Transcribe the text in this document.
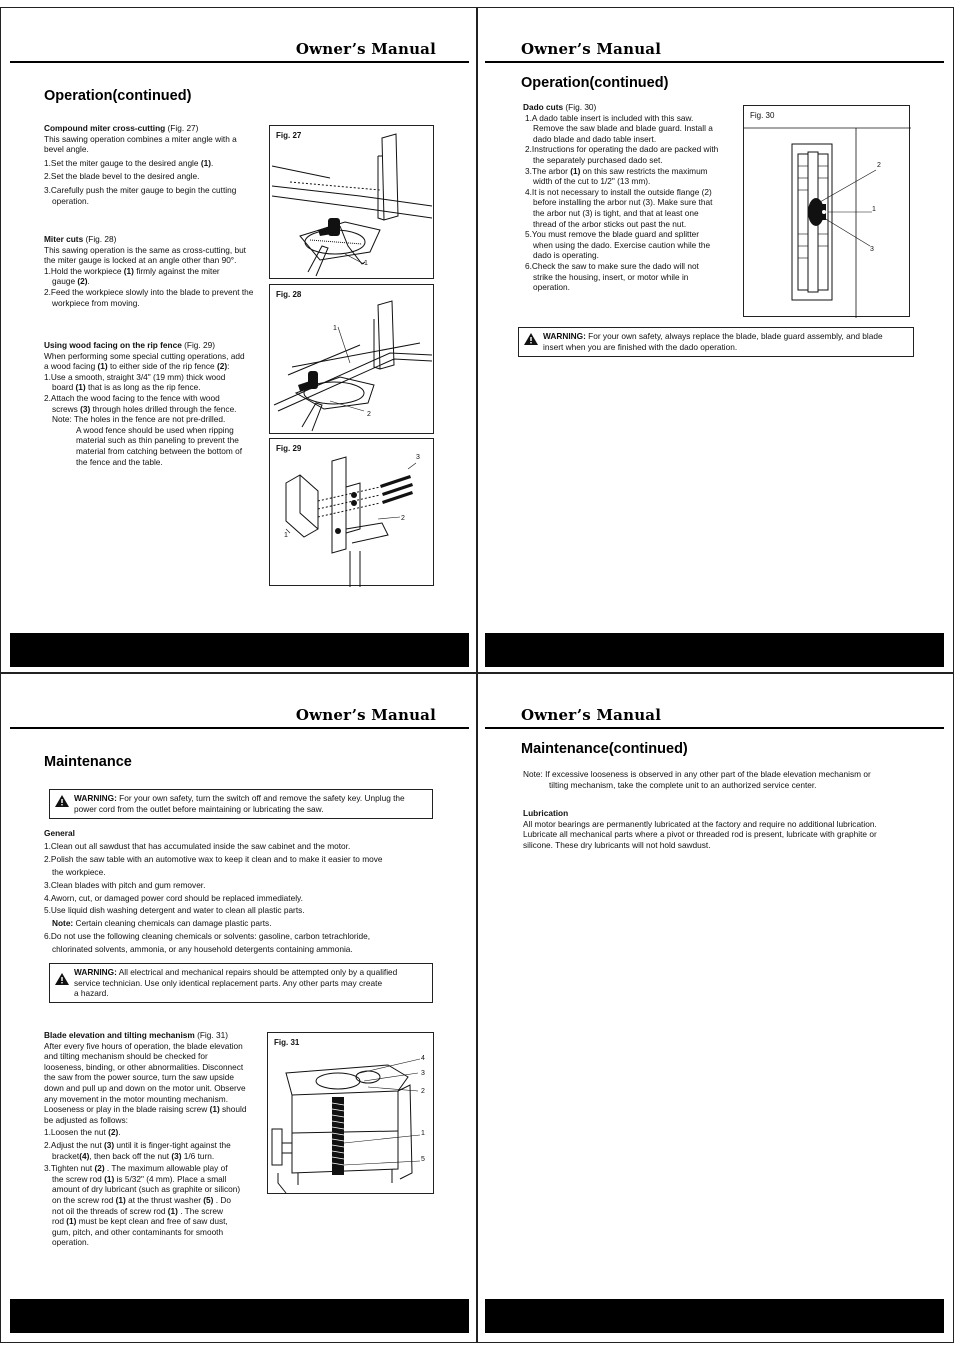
Owner’s Manual
Operation(continued)
Compound miter cross-cutting (Fig. 27)
This sawing operation combines a miter angle with a
bevel angle.
1.Set the miter gauge to the desired angle (1).
2.Set the blade bevel to the desired angle.
3.Carefully push the miter gauge to begin the cutting
operation.
Miter cuts (Fig. 28)
This sawing operation is the same as cross-cutting, but
the miter gauge is locked at an angle other than 90°.
1.Hold the workpiece (1) firmly against the miter
gauge (2).
2.Feed the workpiece slowly into the blade to prevent the
workpiece from moving.
Using wood facing on the rip fence (Fig. 29)
When performing some special cutting operations, add
a wood facing (1) to either side of the rip fence (2):
1.Use a smooth, straight 3/4" (19 mm) thick wood
board (1) that is as long as the rip fence.
2.Attach the wood facing to the fence with wood
screws (3) through holes drilled through the fence.
Note: The holes in the fence are not pre-drilled.
A wood fence should be used when ripping
material such as thin paneling to prevent the
material from catching between the bottom of
the fence and the table.
Fig. 27
1
Fig. 28
1
2
Fig. 29
1
2
3
Owner’s Manual
Operation(continued)
Dado cuts (Fig. 30)
1.A dado table insert is included with this saw.
Remove the saw blade and blade guard. Install a
dado blade and dado table insert.
2.Instructions for operating the dado are packed with
the separately purchased dado set.
3.The arbor (1) on this saw restricts the maximum
width of the cut to 1/2" (13 mm).
4.It is not necessary to install the outside flange (2)
before installing the arbor nut (3). Make sure that
the arbor nut (3) is tight, and that at least one
thread of the arbor sticks out past the nut.
5.You must remove the blade guard and splitter
when using the dado. Exercise caution while the
dado is operating.
6.Check the saw to make sure the dado will not
strike the housing, insert, or motor while in
operation.
Fig. 30
2
1
3
WARNING: For your own safety, always replace the blade, blade guard assembly, and blade
insert when you are finished with the dado operation.
Owner’s Manual
Maintenance
WARNING: For your own safety, turn the switch off and remove the safety key. Unplug the
power cord from the outlet before maintaining or lubricating the saw.
General
1.Clean out all sawdust that has accumulated inside the saw cabinet and the motor.
2.Polish the saw table with an automotive wax to keep it clean and to make it easier to move
the workpiece.
3.Clean blades with pitch and gum remover.
4.Aworn, cut, or damaged power cord should be replaced immediately.
5.Use liquid dish washing detergent and water to clean all plastic parts.
Note: Certain cleaning chemicals can damage plastic parts.
6.Do not use the following cleaning chemicals or solvents: gasoline, carbon tetrachloride,
chlorinated solvents, ammonia, or any household detergents containing ammonia.
WARNING: All electrical and mechanical repairs should be attempted only by a qualified
service technician. Use only identical replacement parts. Any other parts may create
a hazard.
Blade elevation and tilting mechanism (Fig. 31)
After every five hours of operation, the blade elevation
and tilting mechanism should be checked for
looseness, binding, or other abnormalities. Disconnect
the saw from the power source, turn the saw upside
down and pull up and down on the motor unit. Observe
any movement in the motor mounting mechanism.
Looseness or play in the blade raising screw (1) should
be adjusted as follows:
1.Loosen the nut (2).
2.Adjust the nut (3) until it is finger-tight against the
bracket(4), then back off the nut (3) 1/6 turn.
3.Tighten nut (2) . The maximum allowable play of
the screw rod (1) is 5/32" (4 mm). Place a small
amount of dry lubricant (such as graphite or silicon)
on the screw rod (1) at the thrust washer (5) . Do
not oil the threads of screw rod (1) . The screw
rod (1) must be kept clean and free of saw dust,
gum, pitch, and other contaminants for smooth
operation.
Fig. 31
4
3
2
1
5
Owner’s Manual
Maintenance(continued)
Note: If excessive looseness is observed in any other part of the blade elevation mechanism or
tilting mechanism, take the complete unit to an authorized service center.
Lubrication
All motor bearings are permanently lubricated at the factory and require no additional lubrication.
Lubricate all mechanical parts where a pivot or threaded rod is present, lubricate with graphite or
silicone. These dry lubricants will not hold sawdust.
